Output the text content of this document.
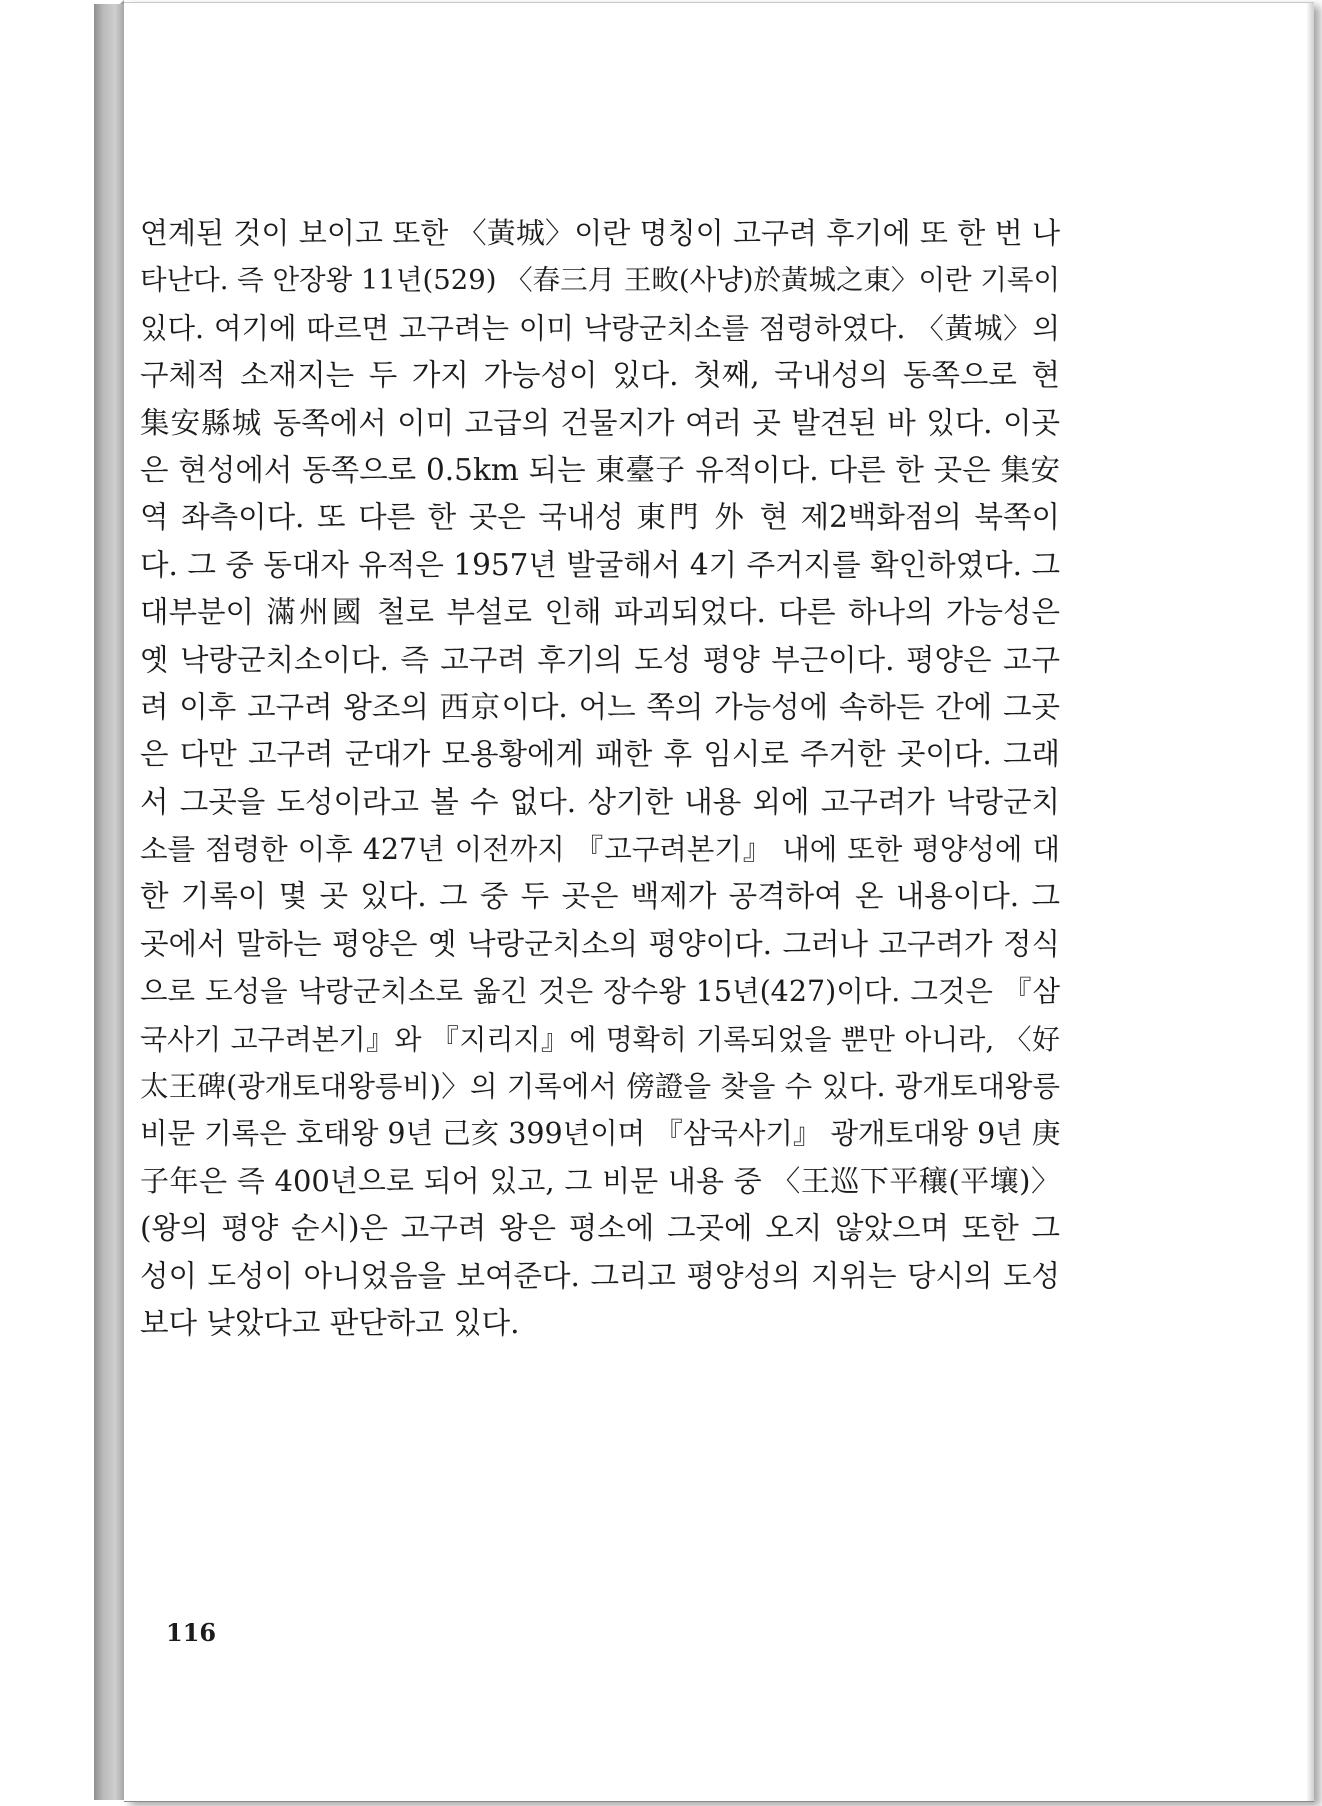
연계된 것이 보이고 또한 〈黃城〉이란 명칭이 고구려 후기에 또 한 번 나
타난다. 즉 안장왕 11년(529) 〈春三月 王畋(사냥)於黃城之東〉이란 기록이
있다. 여기에 따르면 고구려는 이미 낙랑군치소를 점령하였다. 〈黃城〉의
구체적 소재지는 두 가지 가능성이 있다. 첫째, 국내성의 동쪽으로 현
集安縣城 동쪽에서 이미 고급의 건물지가 여러 곳 발견된 바 있다. 이곳
은 현성에서 동쪽으로 0.5km 되는 東臺子 유적이다. 다른 한 곳은 集安
역 좌측이다. 또 다른 한 곳은 국내성 東門 外 현 제2백화점의 북쪽이
다. 그 중 동대자 유적은 1957년 발굴해서 4기 주거지를 확인하였다. 그
대부분이 滿州國 철로 부설로 인해 파괴되었다. 다른 하나의 가능성은
옛 낙랑군치소이다. 즉 고구려 후기의 도성 평양 부근이다. 평양은 고구
려 이후 고구려 왕조의 西京이다. 어느 쪽의 가능성에 속하든 간에 그곳
은 다만 고구려 군대가 모용황에게 패한 후 임시로 주거한 곳이다. 그래
서 그곳을 도성이라고 볼 수 없다. 상기한 내용 외에 고구려가 낙랑군치
소를 점령한 이후 427년 이전까지 『고구려본기』 내에 또한 평양성에 대
한 기록이 몇 곳 있다. 그 중 두 곳은 백제가 공격하여 온 내용이다. 그
곳에서 말하는 평양은 옛 낙랑군치소의 평양이다. 그러나 고구려가 정식
으로 도성을 낙랑군치소로 옮긴 것은 장수왕 15년(427)이다. 그것은 『삼
국사기 고구려본기』와 『지리지』에 명확히 기록되었을 뿐만 아니라, 〈好
太王碑(광개토대왕릉비)〉의 기록에서 傍證을 찾을 수 있다. 광개토대왕릉
비문 기록은 호태왕 9년 己亥 399년이며 『삼국사기』 광개토대왕 9년 庚
子年은 즉 400년으로 되어 있고, 그 비문 내용 중 〈王巡下平穰(平壤)〉
(왕의 평양 순시)은 고구려 왕은 평소에 그곳에 오지 않았으며 또한 그
성이 도성이 아니었음을 보여준다. 그리고 평양성의 지위는 당시의 도성
보다 낮았다고 판단하고 있다.
116
